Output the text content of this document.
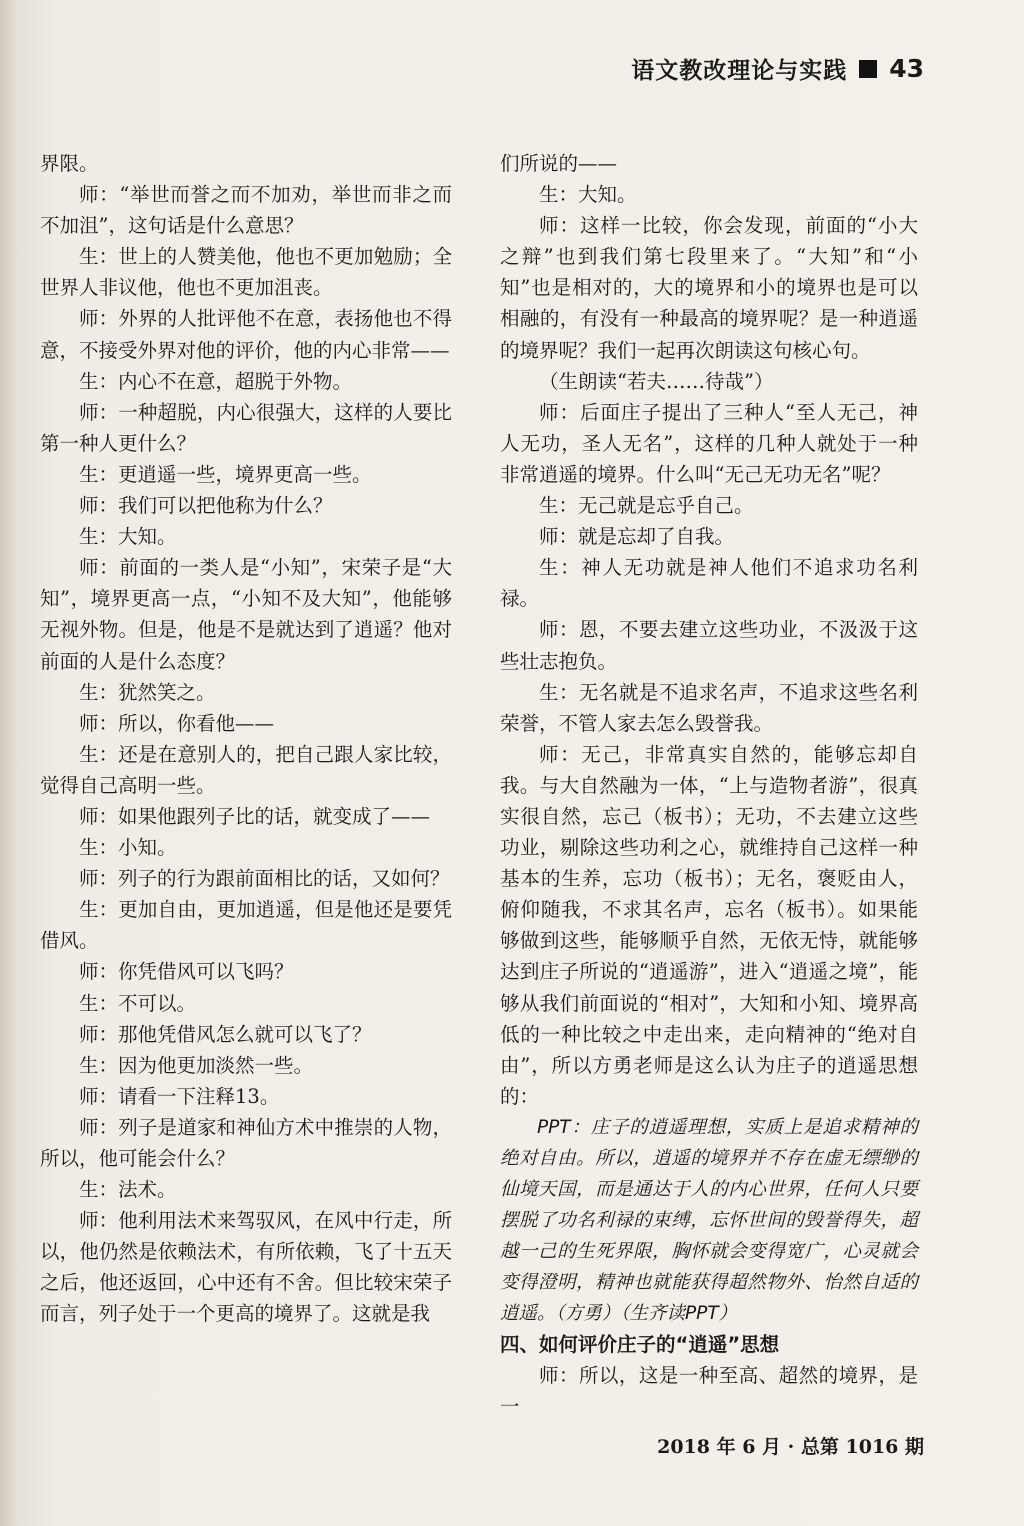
语文教改理论与实践 43

界限。

师：“举世而誉之而不加劝，举世而非之而不加沮”，这句话是什么意思？

生：世上的人赞美他，他也不更加勉励；全世界人非议他，他也不更加沮丧。

师：外界的人批评他不在意，表扬他也不得意，不接受外界对他的评价，他的内心非常——

生：内心不在意，超脱于外物。

师：一种超脱，内心很强大，这样的人要比第一种人更什么？

生：更逍遥一些，境界更高一些。

师：我们可以把他称为什么？

生：大知。

师：前面的一类人是“小知”，宋荣子是“大知”，境界更高一点，“小知不及大知”，他能够无视外物。但是，他是不是就达到了逍遥？他对前面的人是什么态度？

生：犹然笑之。

师：所以，你看他——

生：还是在意别人的，把自己跟人家比较，觉得自己高明一些。

师：如果他跟列子比的话，就变成了——

生：小知。

师：列子的行为跟前面相比的话，又如何？

生：更加自由，更加逍遥，但是他还是要凭借风。

师：你凭借风可以飞吗？

生：不可以。

师：那他凭借风怎么就可以飞了？

生：因为他更加淡然一些。

师：请看一下注释13。

师：列子是道家和神仙方术中推崇的人物，所以，他可能会什么？

生：法术。

师：他利用法术来驾驭风，在风中行走，所以，他仍然是依赖法术，有所依赖，飞了十五天之后，他还返回，心中还有不舍。但比较宋荣子而言，列子处于一个更高的境界了。这就是我

们所说的——

生：大知。

师：这样一比较，你会发现，前面的“小大之辩”也到我们第七段里来了。“大知”和“小知”也是相对的，大的境界和小的境界也是可以相融的，有没有一种最高的境界呢？是一种逍遥的境界呢？我们一起再次朗读这句核心句。

（生朗读“若夫……待哉”）

师：后面庄子提出了三种人“至人无己，神人无功，圣人无名”，这样的几种人就处于一种非常逍遥的境界。什么叫“无己无功无名”呢？

生：无己就是忘乎自己。

师：就是忘却了自我。

生：神人无功就是神人他们不追求功名利禄。

师：恩，不要去建立这些功业，不汲汲于这些壮志抱负。

生：无名就是不追求名声，不追求这些名利荣誉，不管人家去怎么毁誉我。

师：无己，非常真实自然的，能够忘却自我。与大自然融为一体，“上与造物者游”，很真实很自然，忘己（板书）；无功，不去建立这些功业，剔除这些功利之心，就维持自己这样一种基本的生养，忘功（板书）；无名，褒贬由人，俯仰随我，不求其名声，忘名（板书）。如果能够做到这些，能够顺乎自然，无依无恃，就能够达到庄子所说的“逍遥游”，进入“逍遥之境”，能够从我们前面说的“相对”，大知和小知、境界高低的一种比较之中走出来，走向精神的“绝对自由”，所以方勇老师是这么认为庄子的逍遥思想的：

PPT：庄子的逍遥理想，实质上是追求精神的绝对自由。所以，逍遥的境界并不存在虚无缥缈的仙境天国，而是通达于人的内心世界，任何人只要摆脱了功名利禄的束缚，忘怀世间的毁誉得失，超越一己的生死界限，胸怀就会变得宽广，心灵就会变得澄明，精神也就能获得超然物外、怡然自适的逍遥。（方勇）（生齐读PPT）

四、如何评价庄子的“逍遥”思想

师：所以，这是一种至高、超然的境界，是一

2018 年 6 月 · 总第 1016 期
